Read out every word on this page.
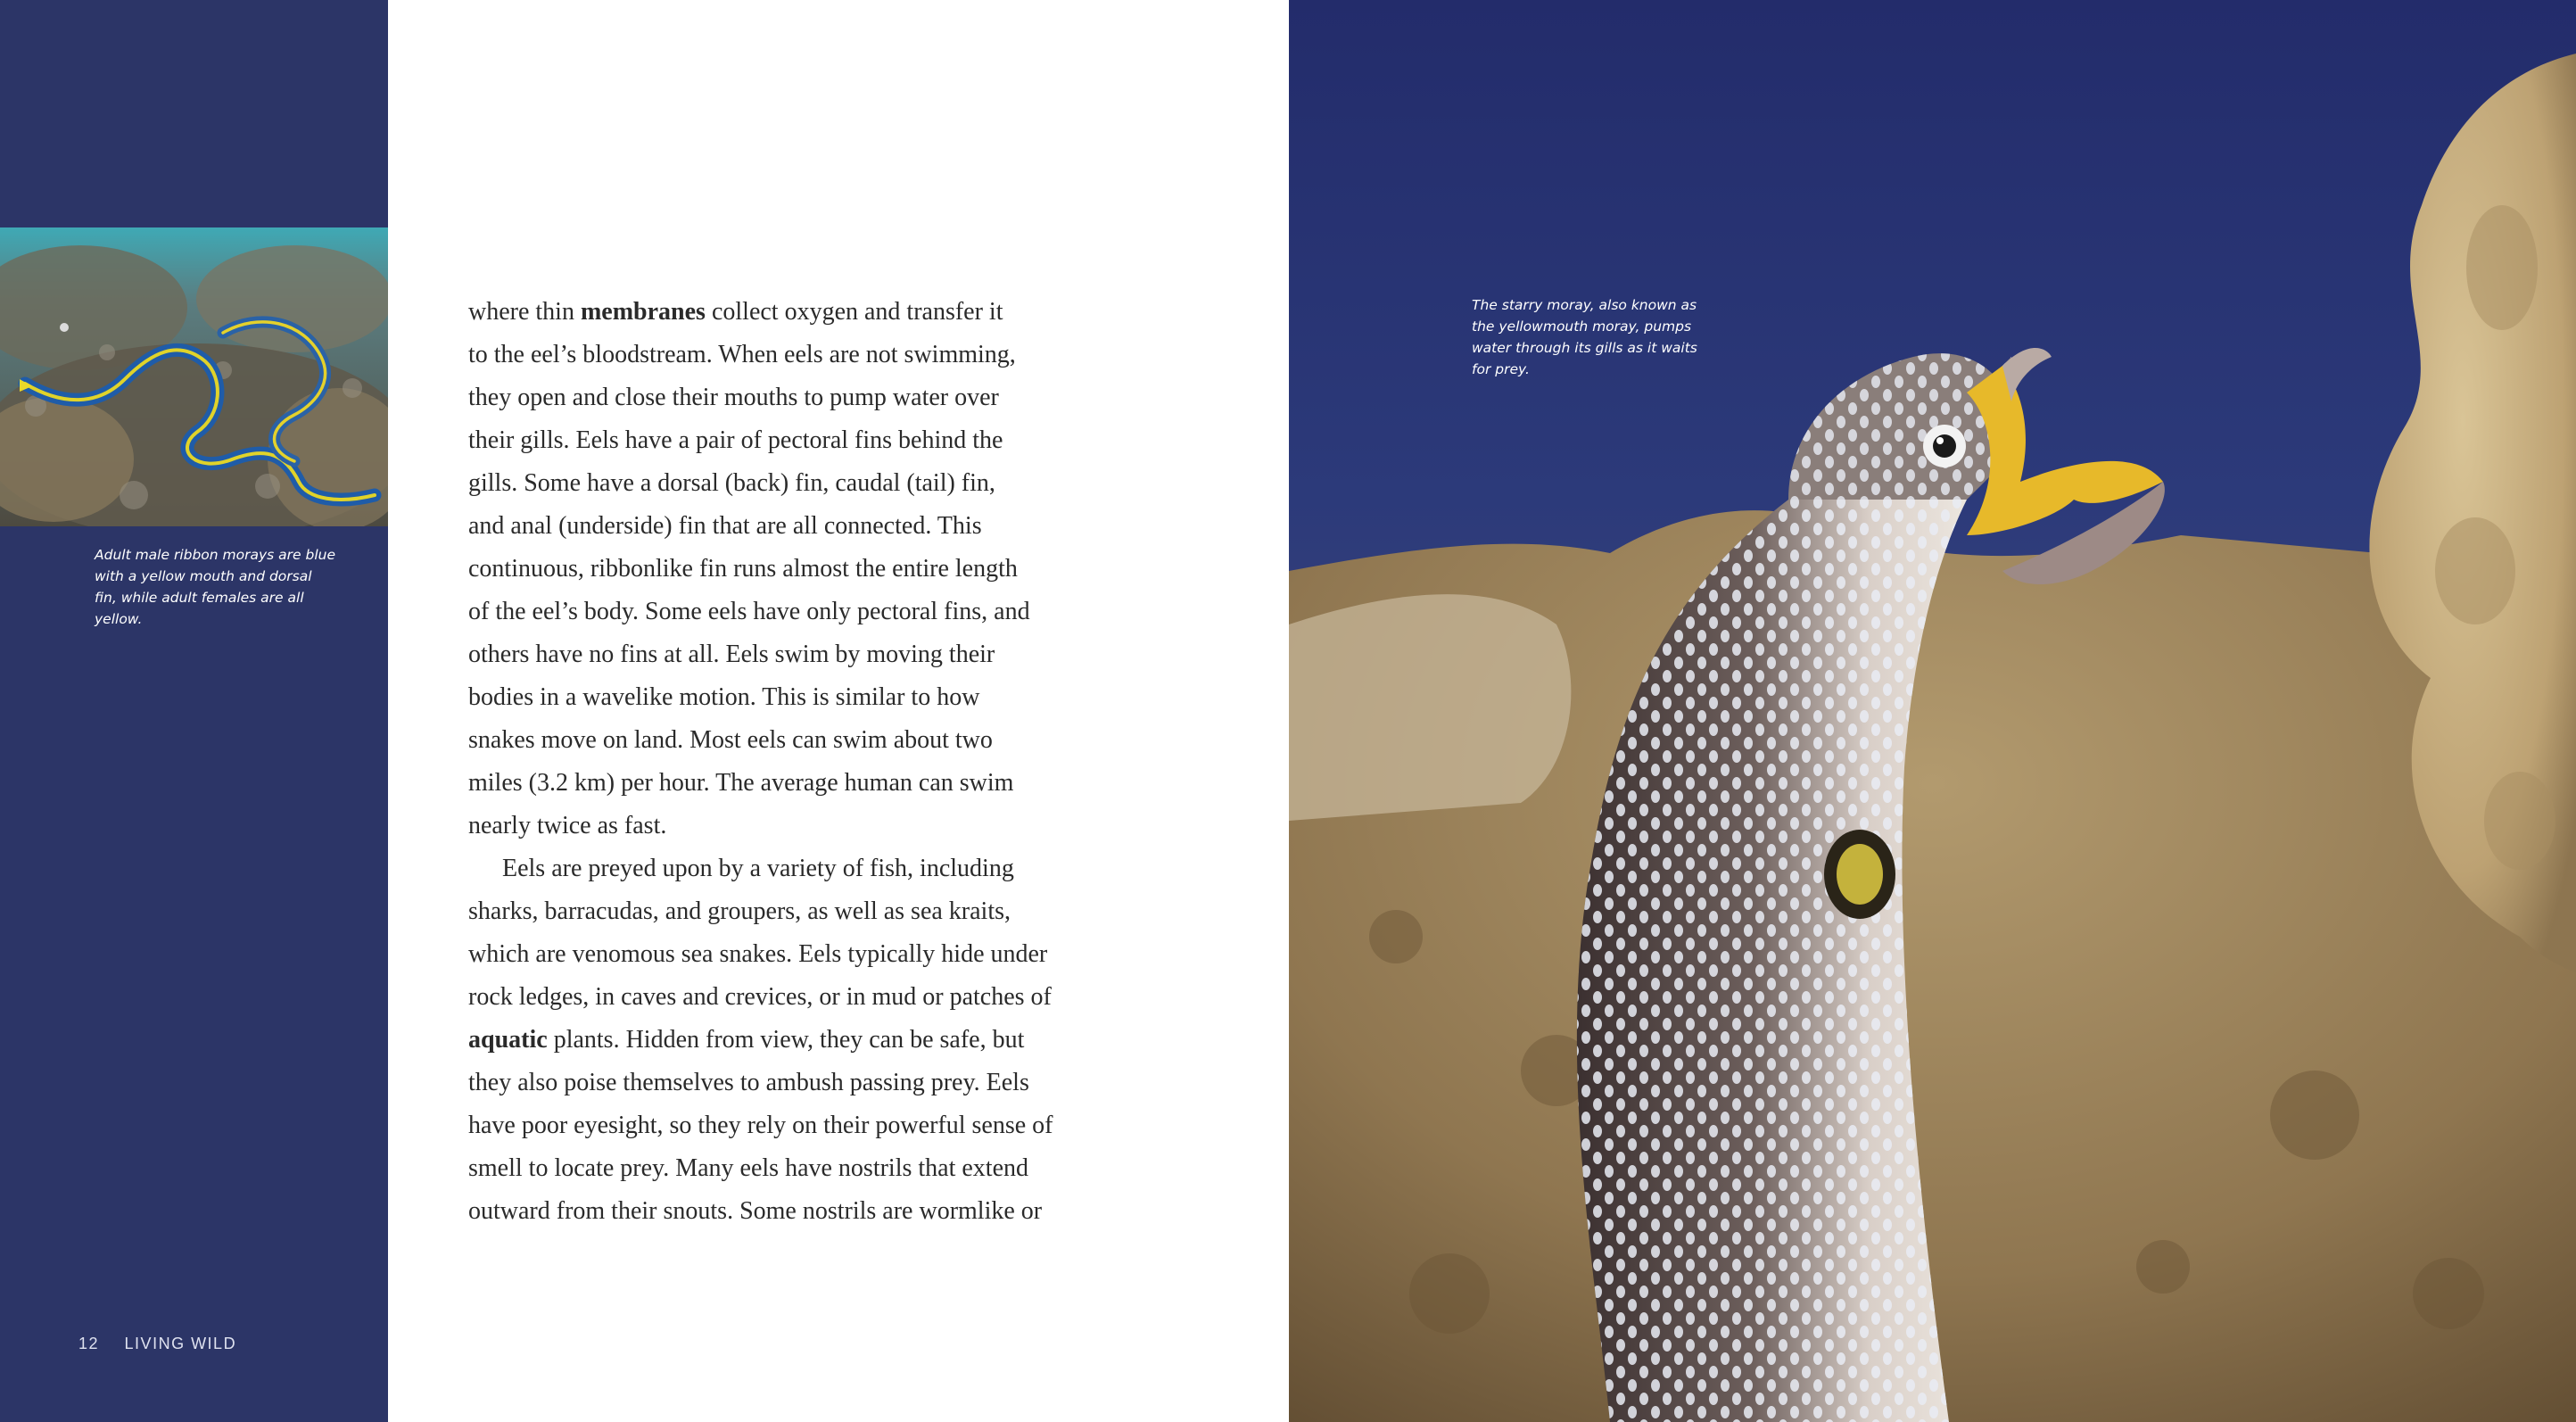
Adult male ribbon morays are blue with a yellow mouth and dorsal fin, while adult females are all yellow.

12 LIVING WILD
where thin membranes collect oxygen and transfer it
to the eel’s bloodstream. When eels are not swimming,
they open and close their mouths to pump water over
their gills. Eels have a pair of pectoral fins behind the
gills. Some have a dorsal (back) fin, caudal (tail) fin,
and anal (underside) fin that are all connected. This
continuous, ribbonlike fin runs almost the entire length
of the eel’s body. Some eels have only pectoral fins, and
others have no fins at all. Eels swim by moving their
bodies in a wavelike motion. This is similar to how
snakes move on land. Most eels can swim about two
miles (3.2 km) per hour. The average human can swim
nearly twice as fast.
Eels are preyed upon by a variety of fish, including
sharks, barracudas, and groupers, as well as sea kraits,
which are venomous sea snakes. Eels typically hide under
rock ledges, in caves and crevices, or in mud or patches of
aquatic plants. Hidden from view, they can be safe, but
they also poise themselves to ambush passing prey. Eels
have poor eyesight, so they rely on their powerful sense of
smell to locate prey. Many eels have nostrils that extend
outward from their snouts. Some nostrils are wormlike or

The starry moray, also known as the yellowmouth moray, pumps water through its gills as it waits for prey.
